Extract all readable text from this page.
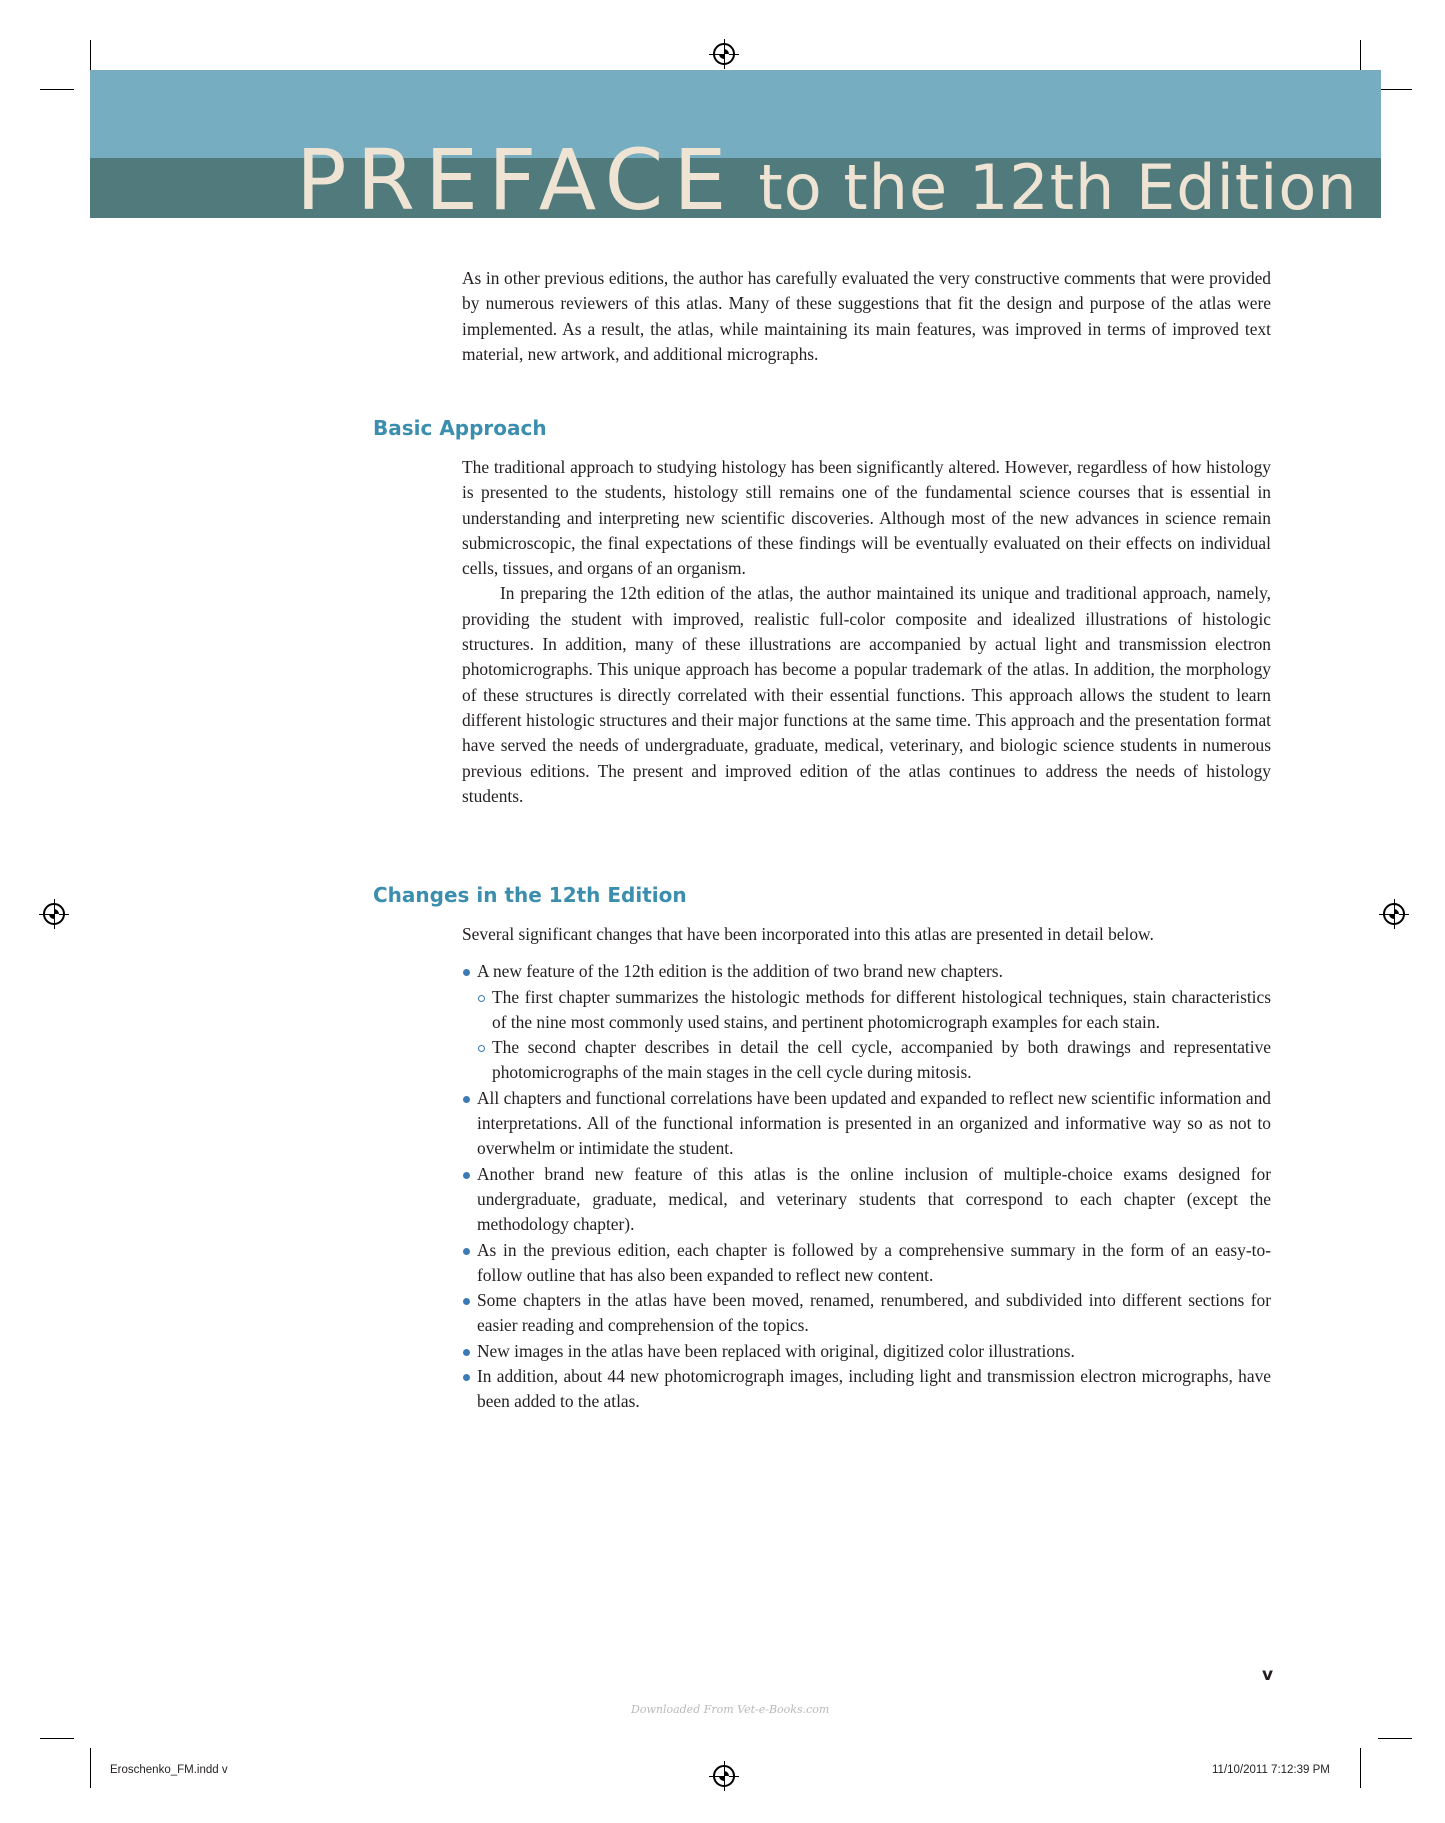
PREFACE to the 12th Edition

As in other previous editions, the author has carefully evaluated the very constructive comments that were provided by numerous reviewers of this atlas. Many of these suggestions that fit the design and purpose of the atlas were implemented. As a result, the atlas, while maintaining its main features, was improved in terms of improved text material, new artwork, and additional micrographs.

Basic Approach

The traditional approach to studying histology has been significantly altered. However, regardless of how histology is presented to the students, histology still remains one of the fundamental science courses that is essential in understanding and interpreting new scientific discoveries. Although most of the new advances in science remain submicroscopic, the final expectations of these findings will be eventually evaluated on their effects on individual cells, tissues, and organs of an organism.

In preparing the 12th edition of the atlas, the author maintained its unique and traditional approach, namely, providing the student with improved, realistic full-color composite and idealized illustrations of histologic structures. In addition, many of these illustrations are accompanied by actual light and transmission electron photomicrographs. This unique approach has become a popular trademark of the atlas. In addition, the morphology of these structures is directly correlated with their essential functions. This approach allows the student to learn different histologic structures and their major functions at the same time. This approach and the presentation format have served the needs of undergraduate, graduate, medical, veterinary, and biologic science students in numerous previous editions. The present and improved edition of the atlas continues to address the needs of histology students.

Changes in the 12th Edition

Several significant changes that have been incorporated into this atlas are presented in detail below.

A new feature of the 12th edition is the addition of two brand new chapters.
The first chapter summarizes the histologic methods for different histological techniques, stain characteristics of the nine most commonly used stains, and pertinent photomicrograph examples for each stain.
The second chapter describes in detail the cell cycle, accompanied by both drawings and representative photomicrographs of the main stages in the cell cycle during mitosis.
All chapters and functional correlations have been updated and expanded to reflect new scientific information and interpretations. All of the functional information is presented in an organized and informative way so as not to overwhelm or intimidate the student.
Another brand new feature of this atlas is the online inclusion of multiple-choice exams designed for undergraduate, graduate, medical, and veterinary students that correspond to each chapter (except the methodology chapter).
As in the previous edition, each chapter is followed by a comprehensive summary in the form of an easy-to-follow outline that has also been expanded to reflect new content.
Some chapters in the atlas have been moved, renamed, renumbered, and subdivided into different sections for easier reading and comprehension of the topics.
New images in the atlas have been replaced with original, digitized color illustrations.
In addition, about 44 new photomicrograph images, including light and transmission electron micrographs, have been added to the atlas.
v
Downloaded From Vet-e-Books.com
Eroschenko_FM.indd v	11/10/2011 7:12:39 PM
